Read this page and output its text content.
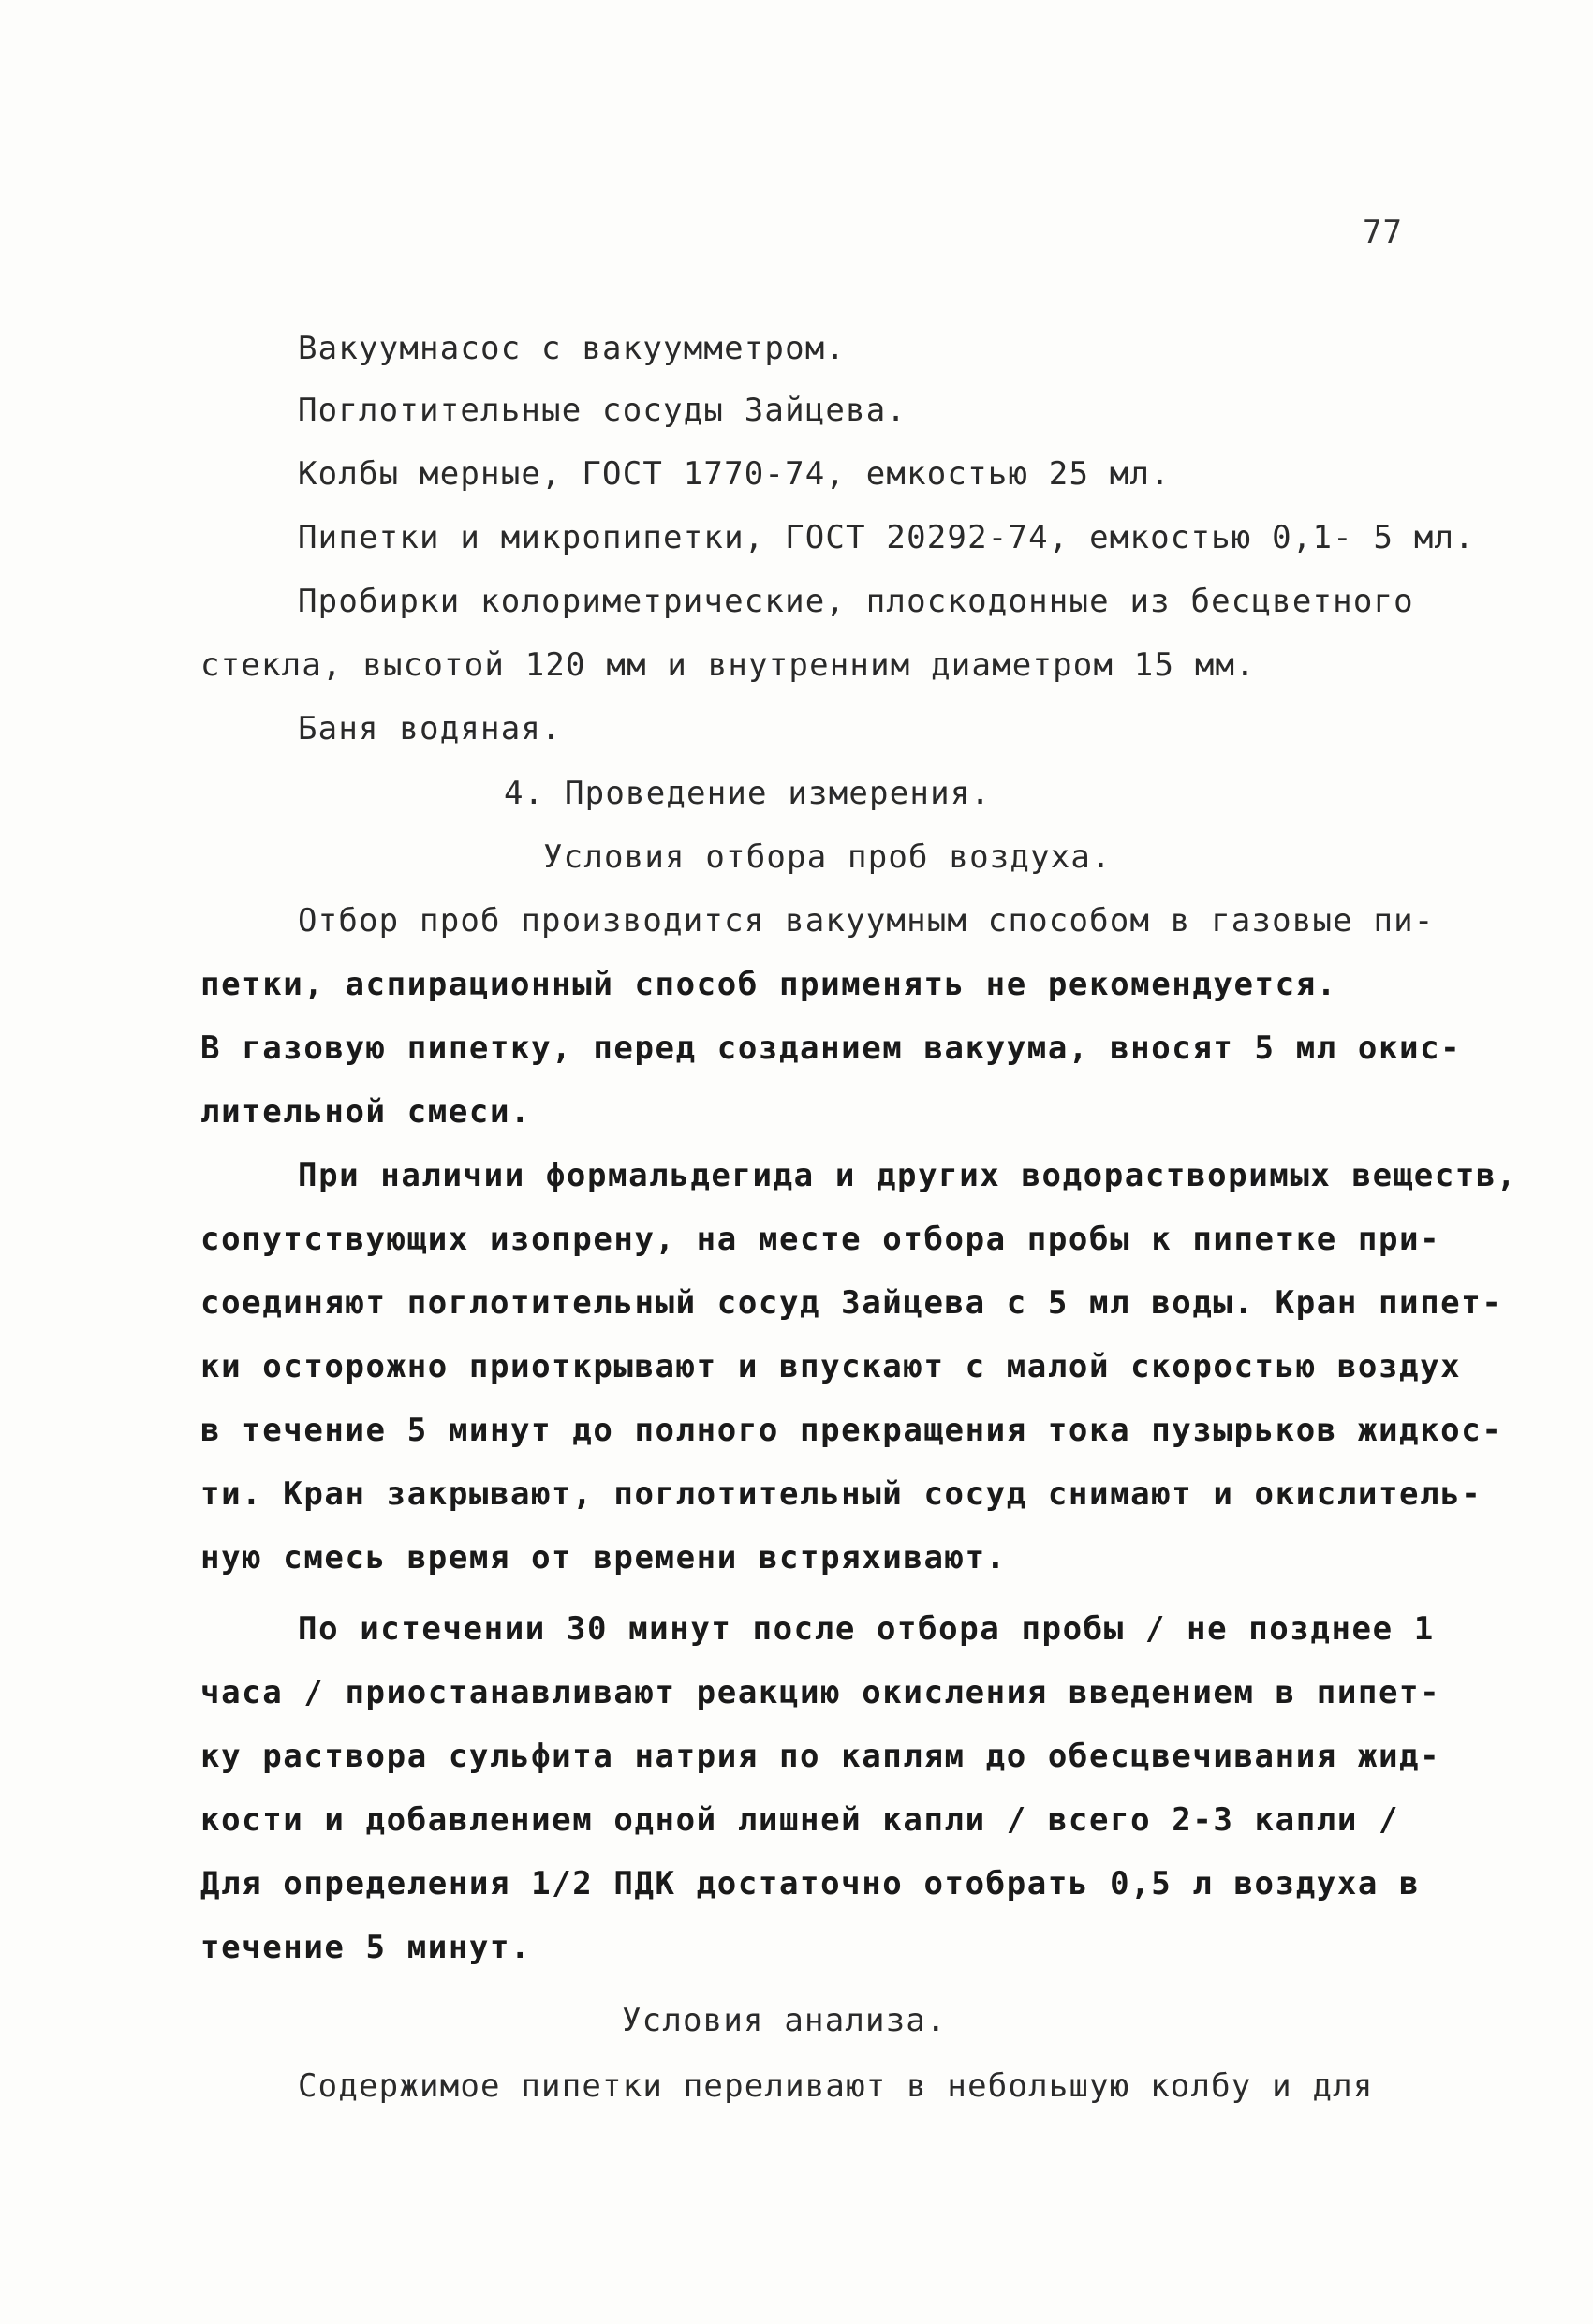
77
Вакуумнасос с вакуумметром.
Поглотительные сосуды Зайцева.
Колбы мерные, ГОСТ 1770-74, емкостью 25 мл.
Пипетки и микропипетки, ГОСТ 20292-74, емкостью 0,1- 5 мл.
Пробирки колориметрические, плоскодонные из бесцветного
стекла, высотой 120 мм и внутренним диаметром 15 мм.
Баня водяная.
4. Проведение измерения.
Условия отбора проб воздуха.
Отбор проб производится вакуумным способом в газовые пи-
петки, аспирационный способ применять не рекомендуется.
В газовую пипетку, перед созданием вакуума, вносят 5 мл окис-
лительной смеси.
При наличии формальдегида и других водорастворимых веществ,
сопутствующих изопрену, на месте отбора пробы к пипетке при-
соединяют поглотительный сосуд Зайцева с 5 мл воды. Кран пипет-
ки осторожно приоткрывают и впускают с малой скоростью воздух
в течение 5 минут до полного прекращения тока пузырьков жидкос-
ти. Кран закрывают, поглотительный сосуд снимают и окислитель-
ную смесь время от времени встряхивают.
По истечении 30 минут после отбора пробы / не позднее 1
часа / приостанавливают реакцию окисления введением в пипет-
ку раствора сульфита натрия по каплям до обесцвечивания жид-
кости и добавлением одной лишней капли / всего 2-3 капли /
Для определения 1/2 ПДК достаточно отобрать 0,5 л воздуха в
течение 5 минут.
Условия анализа.
Содержимое пипетки переливают в небольшую колбу и для
